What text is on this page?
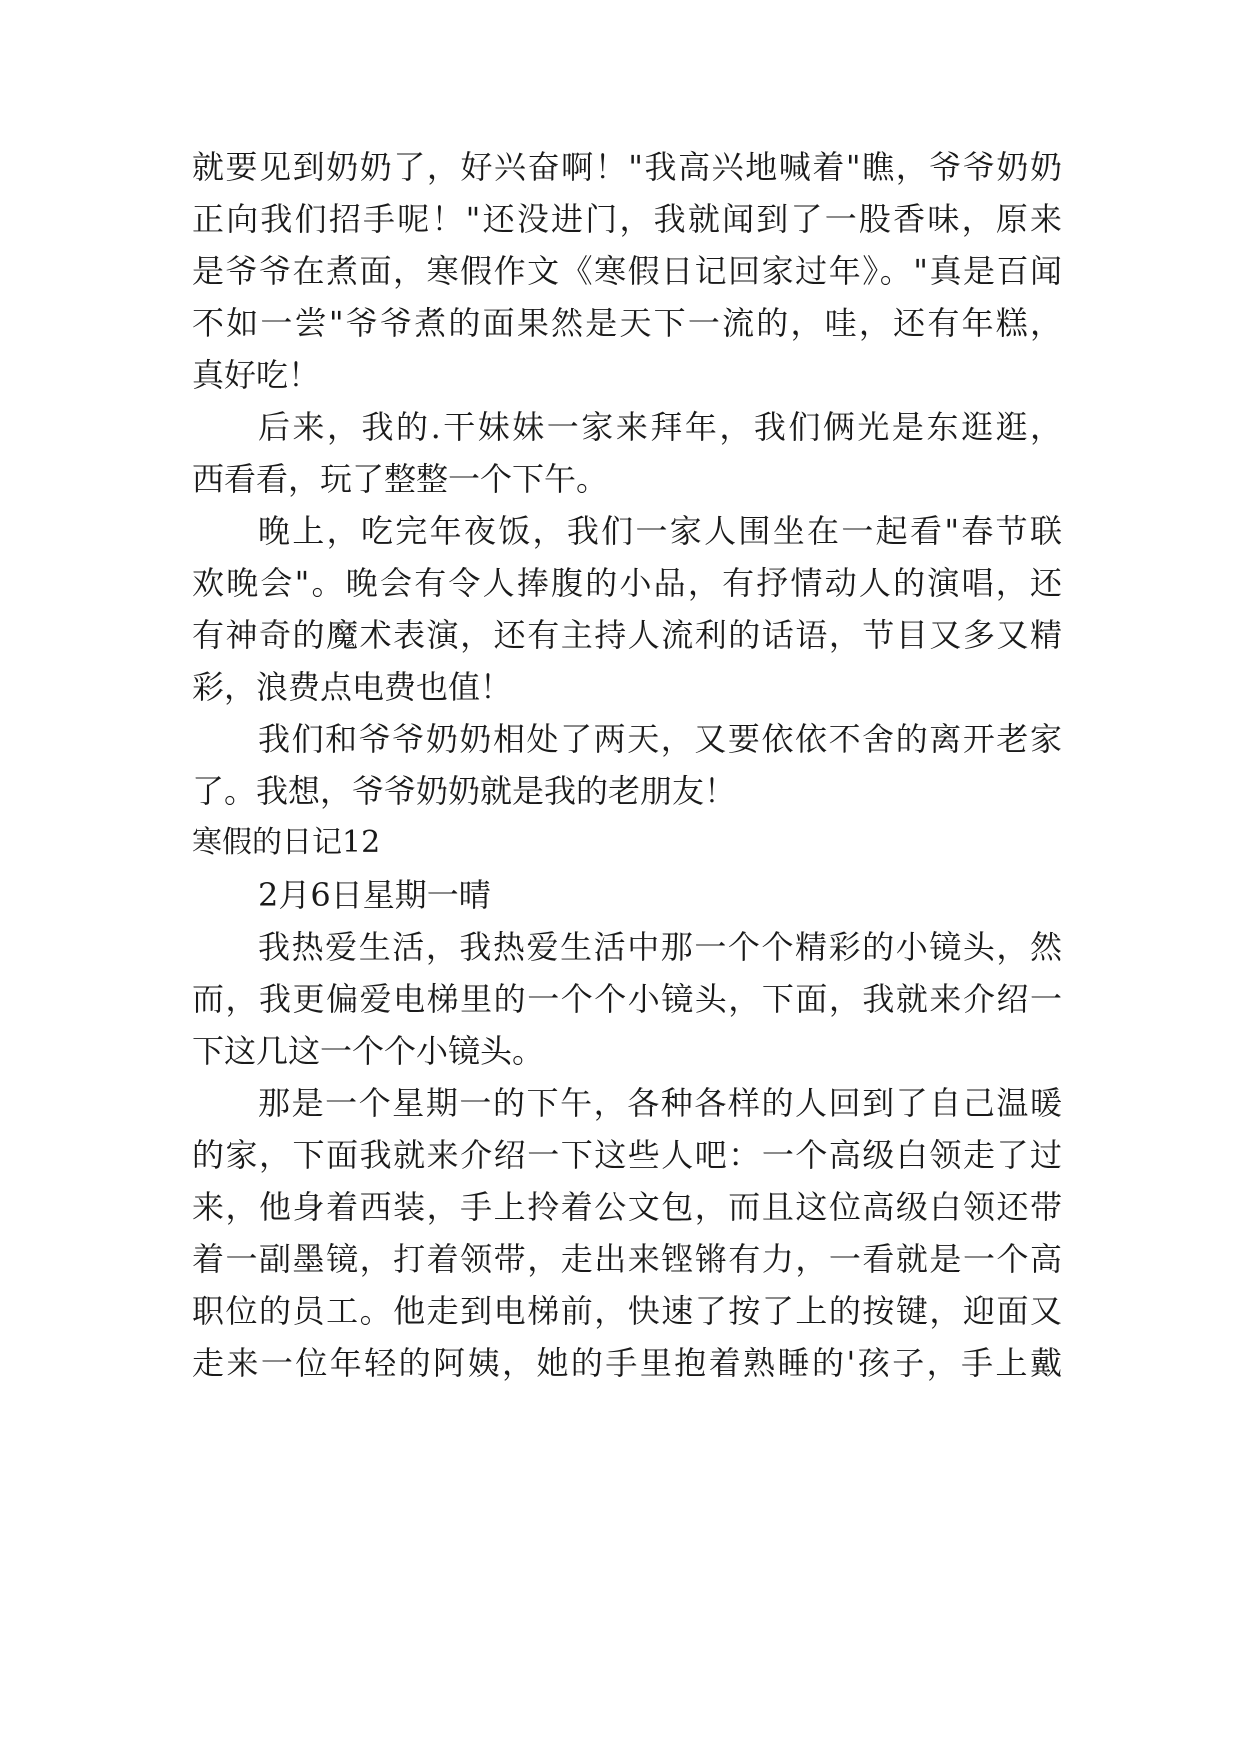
就要见到奶奶了，好兴奋啊！"我高兴地喊着"瞧，爷爷奶奶
正向我们招手呢！"还没进门，我就闻到了一股香味，原来
是爷爷在煮面，寒假作文《寒假日记回家过年》。"真是百闻
不如一尝"爷爷煮的面果然是天下一流的，哇，还有年糕，
真好吃！
后来，我的.干妹妹一家来拜年，我们俩光是东逛逛，
西看看，玩了整整一个下午。
晚上，吃完年夜饭，我们一家人围坐在一起看"春节联
欢晚会"。晚会有令人捧腹的小品，有抒情动人的演唱，还
有神奇的魔术表演，还有主持人流利的话语，节目又多又精
彩，浪费点电费也值！
我们和爷爷奶奶相处了两天，又要依依不舍的离开老家
了。我想，爷爷奶奶就是我的老朋友！
寒假的日记12
2月6日星期一晴
我热爱生活，我热爱生活中那一个个精彩的小镜头，然
而，我更偏爱电梯里的一个个小镜头，下面，我就来介绍一
下这几这一个个小镜头。
那是一个星期一的下午，各种各样的人回到了自己温暖
的家，下面我就来介绍一下这些人吧：一个高级白领走了过
来，他身着西装，手上拎着公文包，而且这位高级白领还带
着一副墨镜，打着领带，走出来铿锵有力，一看就是一个高
职位的员工。他走到电梯前，快速了按了上的按键，迎面又
走来一位年轻的阿姨，她的手里抱着熟睡的'孩子，手上戴
